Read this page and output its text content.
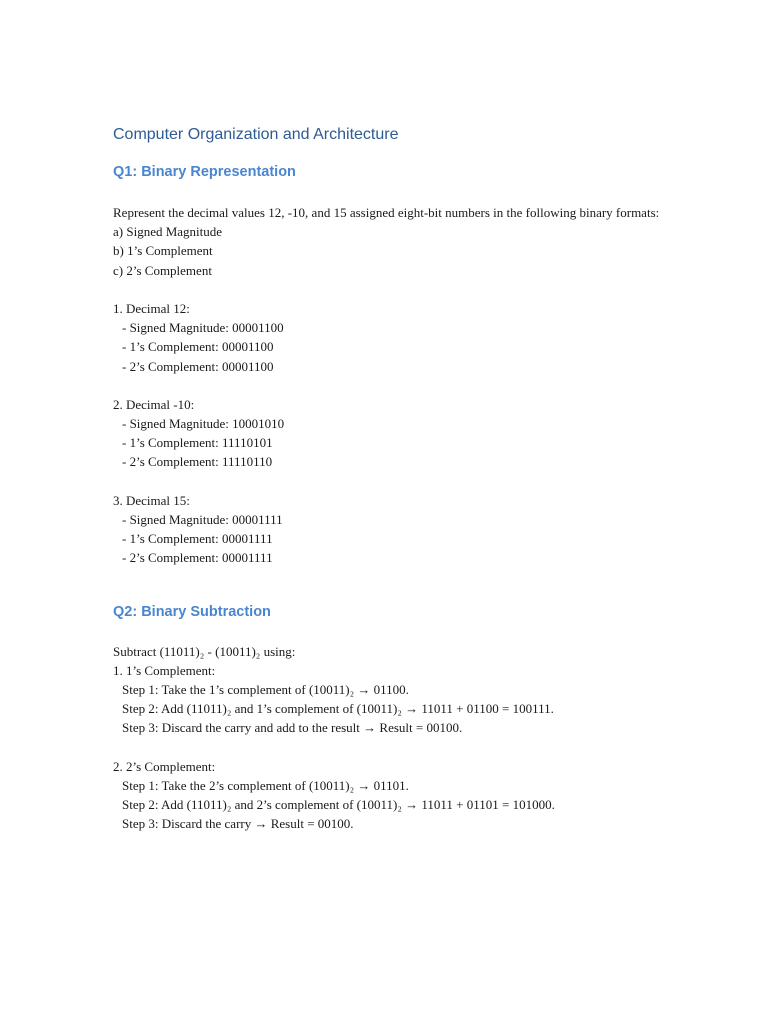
Computer Organization and Architecture
Q1: Binary Representation

Represent the decimal values 12, -10, and 15 assigned eight-bit numbers in the following binary formats:

a) Signed Magnitude

b) 1’s Complement

c) 2’s Complement

1. Decimal 12:

- Signed Magnitude: 00001100

- 1’s Complement: 00001100

- 2’s Complement: 00001100

2. Decimal -10:

- Signed Magnitude: 10001010

- 1’s Complement: 11110101

- 2’s Complement: 11110110

3. Decimal 15:

- Signed Magnitude: 00001111

- 1’s Complement: 00001111

- 2’s Complement: 00001111

Q2: Binary Subtraction

Subtract (11011)₂ - (10011)₂ using:

1. 1’s Complement:

Step 1: Take the 1’s complement of (10011)₂ → 01100.

Step 2: Add (11011)₂ and 1’s complement of (10011)₂ → 11011 + 01100 = 100111.

Step 3: Discard the carry and add to the result → Result = 00100.

2. 2’s Complement:

Step 1: Take the 2’s complement of (10011)₂ → 01101.

Step 2: Add (11011)₂ and 2’s complement of (10011)₂ → 11011 + 01101 = 101000.

Step 3: Discard the carry → Result = 00100.
